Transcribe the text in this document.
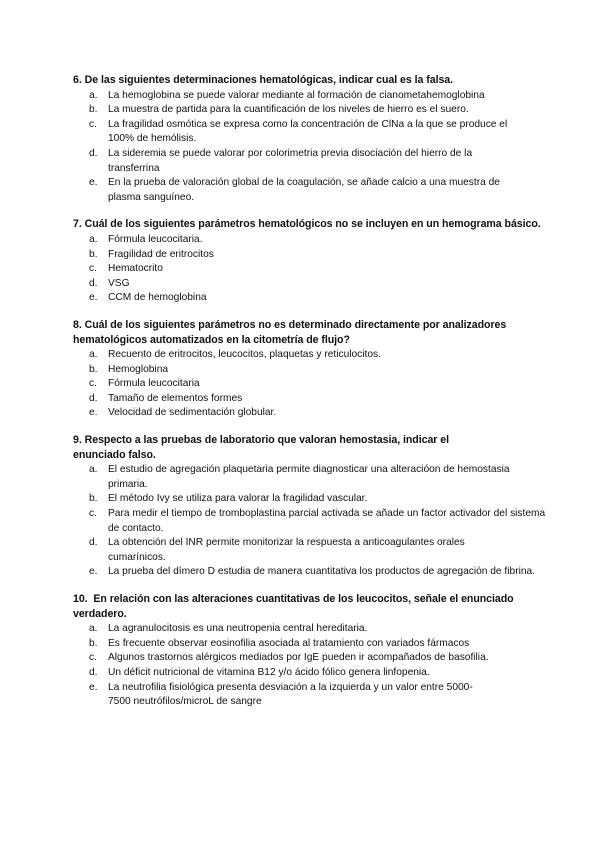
6. De las siguientes determinaciones hematológicas, indicar cual es la falsa.

a. La hemoglobina se puede valorar mediante al formación de cianometahemoglobina
b. La muestra de partida para la cuantificación de los niveles de hierro es el suero.
c. La fragilidad osmótica se expresa como la concentración de ClNa a la que se produce el 100% de hemólisis.
d. La sideremia se puede valorar por colorimetria previa disociación del hierro de la transferrina
e. En la prueba de valoración global de la coagulación, se añade calcio a una muestra de plasma sanguíneo.

7. Cuál de los siguientes parámetros hematológicos no se incluyen en un hemograma básico.

a. Fórmula leucocitaria.
b. Fragilidad de eritrocitos
c. Hematocrito
d. VSG
e. CCM de hemoglobina

8. Cuál de los siguientes parámetros no es determinado directamente por analizadores hematológicos automatizados en la citometría de flujo?

a. Recuento de eritrocitos, leucocitos, plaquetas y reticulocitos.
b. Hemoglobina
c. Fórmula leucocitaria
d. Tamaño de elementos formes
e. Velocidad de sedimentación globular.

9. Respecto a las pruebas de laboratorio que valoran hemostasia, indicar el enunciado falso.

a. El estudio de agregación plaquetaria permite diagnosticar una alteracióon de hemostasia primaria.
b. El método Ivy se utiliza para valorar la fragilidad vascular.
c. Para medir el tiempo de tromboplastina parcial activada se añade un factor activador del sistema de contacto.
d. La obtención del INR permite monitorizar la respuesta a anticoagulantes orales cumarínicos.
e. La prueba del dímero D estudia de manera cuantitativa los productos de agregación de fibrina.

10.  En relación con las alteraciones cuantitativas de los leucocitos, señale el enunciado verdadero.

a. La agranulocitosis es una neutropenia central hereditaria.
b. Es frecuente observar eosinofilia asociada al tratamiento con variados fármacos
c. Algunos trastornos alérgicos mediados por IgE pueden ir acompañados de basofilia.
d. Un déficit nutricional de vitamina B12 y/o ácido fólico genera linfopenia.
e. La neutrofilia fisiológica presenta desviación a la izquierda y un valor entre 5000-7500 neutrófilos/microL de sangre
